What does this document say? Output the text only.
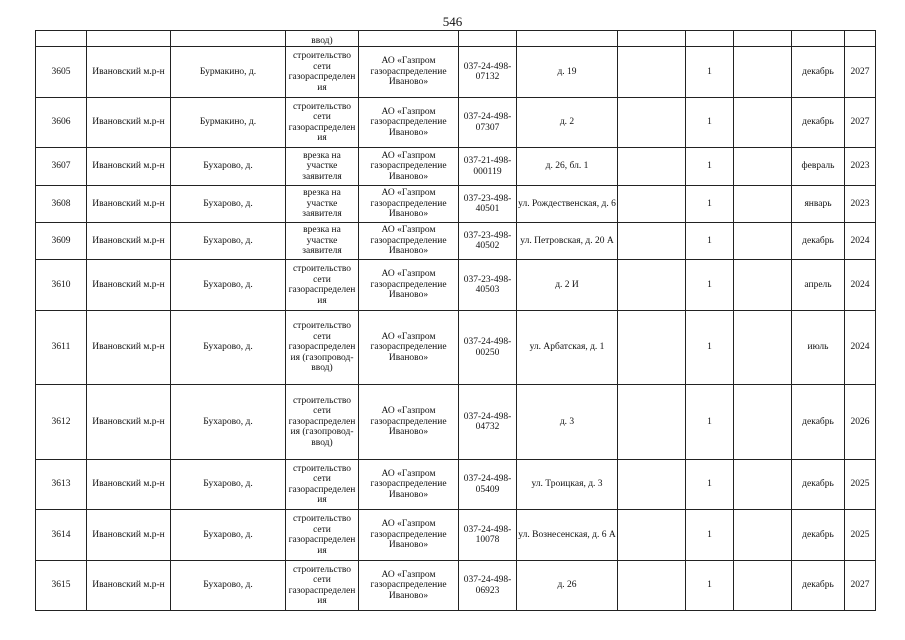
546
			ввод)								
3605	Ивановский м.р-н	Бурмакино, д.	строительство сети газораспределения	АО «Газпром газораспределение Иваново»	037-24-498-07132	д. 19		1		декабрь	2027
3606	Ивановский м.р-н	Бурмакино, д.	строительство сети газораспределения	АО «Газпром газораспределение Иваново»	037-24-498-07307	д. 2		1		декабрь	2027
3607	Ивановский м.р-н	Бухарово, д.	врезка на участке заявителя	АО «Газпром газораспределение Иваново»	037-21-498-000119	д. 26, бл. 1		1		февраль	2023
3608	Ивановский м.р-н	Бухарово, д.	врезка на участке заявителя	АО «Газпром газораспределение Иваново»	037-23-498-40501	ул. Рождественская, д. 6		1		январь	2023
3609	Ивановский м.р-н	Бухарово, д.	врезка на участке заявителя	АО «Газпром газораспределение Иваново»	037-23-498-40502	ул. Петровская, д. 20 А		1		декабрь	2024
3610	Ивановский м.р-н	Бухарово, д.	строительство сети газораспределения	АО «Газпром газораспределение Иваново»	037-23-498-40503	д. 2 И		1		апрель	2024
3611	Ивановский м.р-н	Бухарово, д.	строительство сети газораспределения (газопровод-ввод)	АО «Газпром газораспределение Иваново»	037-24-498-00250	ул. Арбатская, д. 1		1		июль	2024
3612	Ивановский м.р-н	Бухарово, д.	строительство сети газораспределения (газопровод-ввод)	АО «Газпром газораспределение Иваново»	037-24-498-04732	д. 3		1		декабрь	2026
3613	Ивановский м.р-н	Бухарово, д.	строительство сети газораспределения	АО «Газпром газораспределение Иваново»	037-24-498-05409	ул. Троицкая, д. 3		1		декабрь	2025
3614	Ивановский м.р-н	Бухарово, д.	строительство сети газораспределения	АО «Газпром газораспределение Иваново»	037-24-498-10078	ул. Вознесенская, д. 6 А		1		декабрь	2025
3615	Ивановский м.р-н	Бухарово, д.	строительство сети газораспределения	АО «Газпром газораспределение Иваново»	037-24-498-06923	д. 26		1		декабрь	2027
